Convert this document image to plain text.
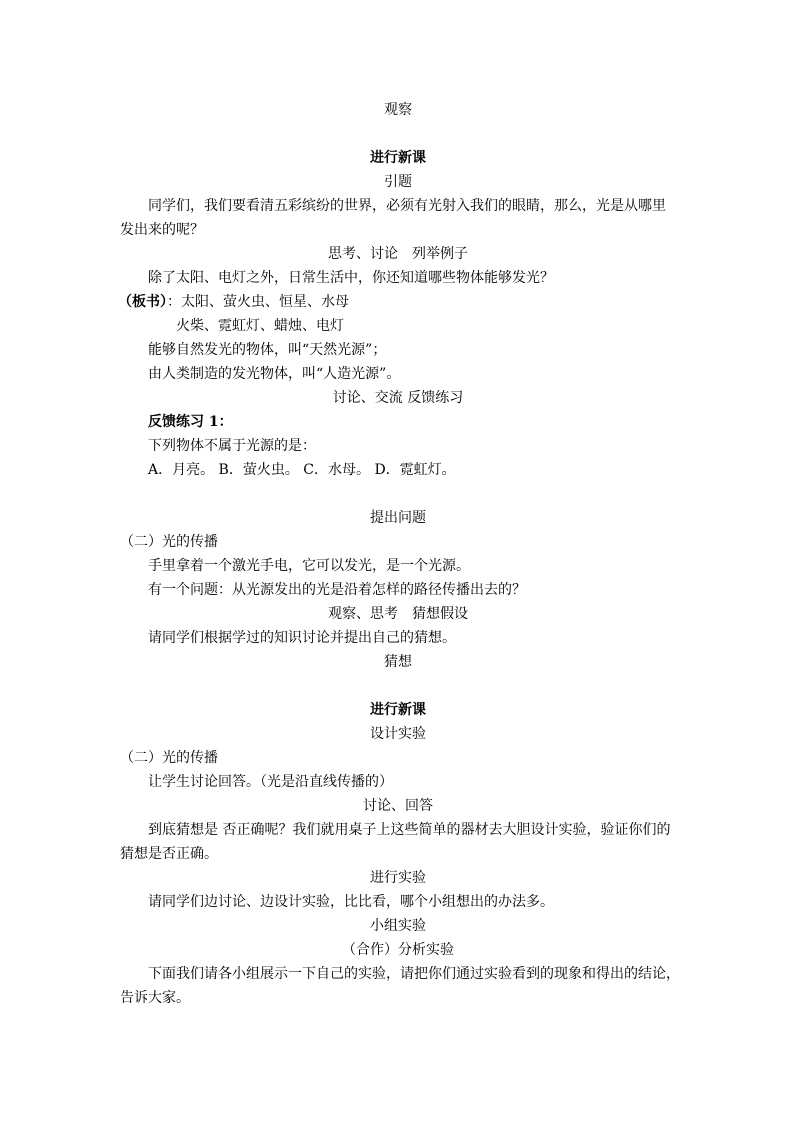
观察
进行新课
引题
同学们，我们要看清五彩缤纷的世界，必须有光射入我们的眼睛，那么，光是从哪里
发出来的呢？
思考、讨论　列举例子
除了太阳、电灯之外，日常生活中，你还知道哪些物体能够发光？
（板书）：太阳、萤火虫、恒星、水母
火柴、霓虹灯、蜡烛、电灯
能够自然发光的物体，叫“天然光源”；
由人类制造的发光物体，叫“人造光源”。
讨论、交流 反馈练习
反馈练习 1：
下列物体不属于光源的是：
A．月亮。 B．萤火虫。 C．水母。 D．霓虹灯。
提出问题
（二）光的传播
手里拿着一个激光手电，它可以发光，是一个光源。
有一个问题：从光源发出的光是沿着怎样的路径传播出去的？
观察、思考　猜想假设
请同学们根据学过的知识讨论并提出自己的猜想。
猜想
进行新课
设计实验
（二）光的传播
让学生讨论回答。（光是沿直线传播的）
讨论、回答
到底猜想是 否正确呢？我们就用桌子上这些简单的器材去大胆设计实验，验证你们的
猜想是否正确。
进行实验
请同学们边讨论、边设计实验，比比看，哪个小组想出的办法多。
小组实验
（合作）分析实验
下面我们请各小组展示一下自己的实验，请把你们通过实验看到的现象和得出的结论，
告诉大家。
